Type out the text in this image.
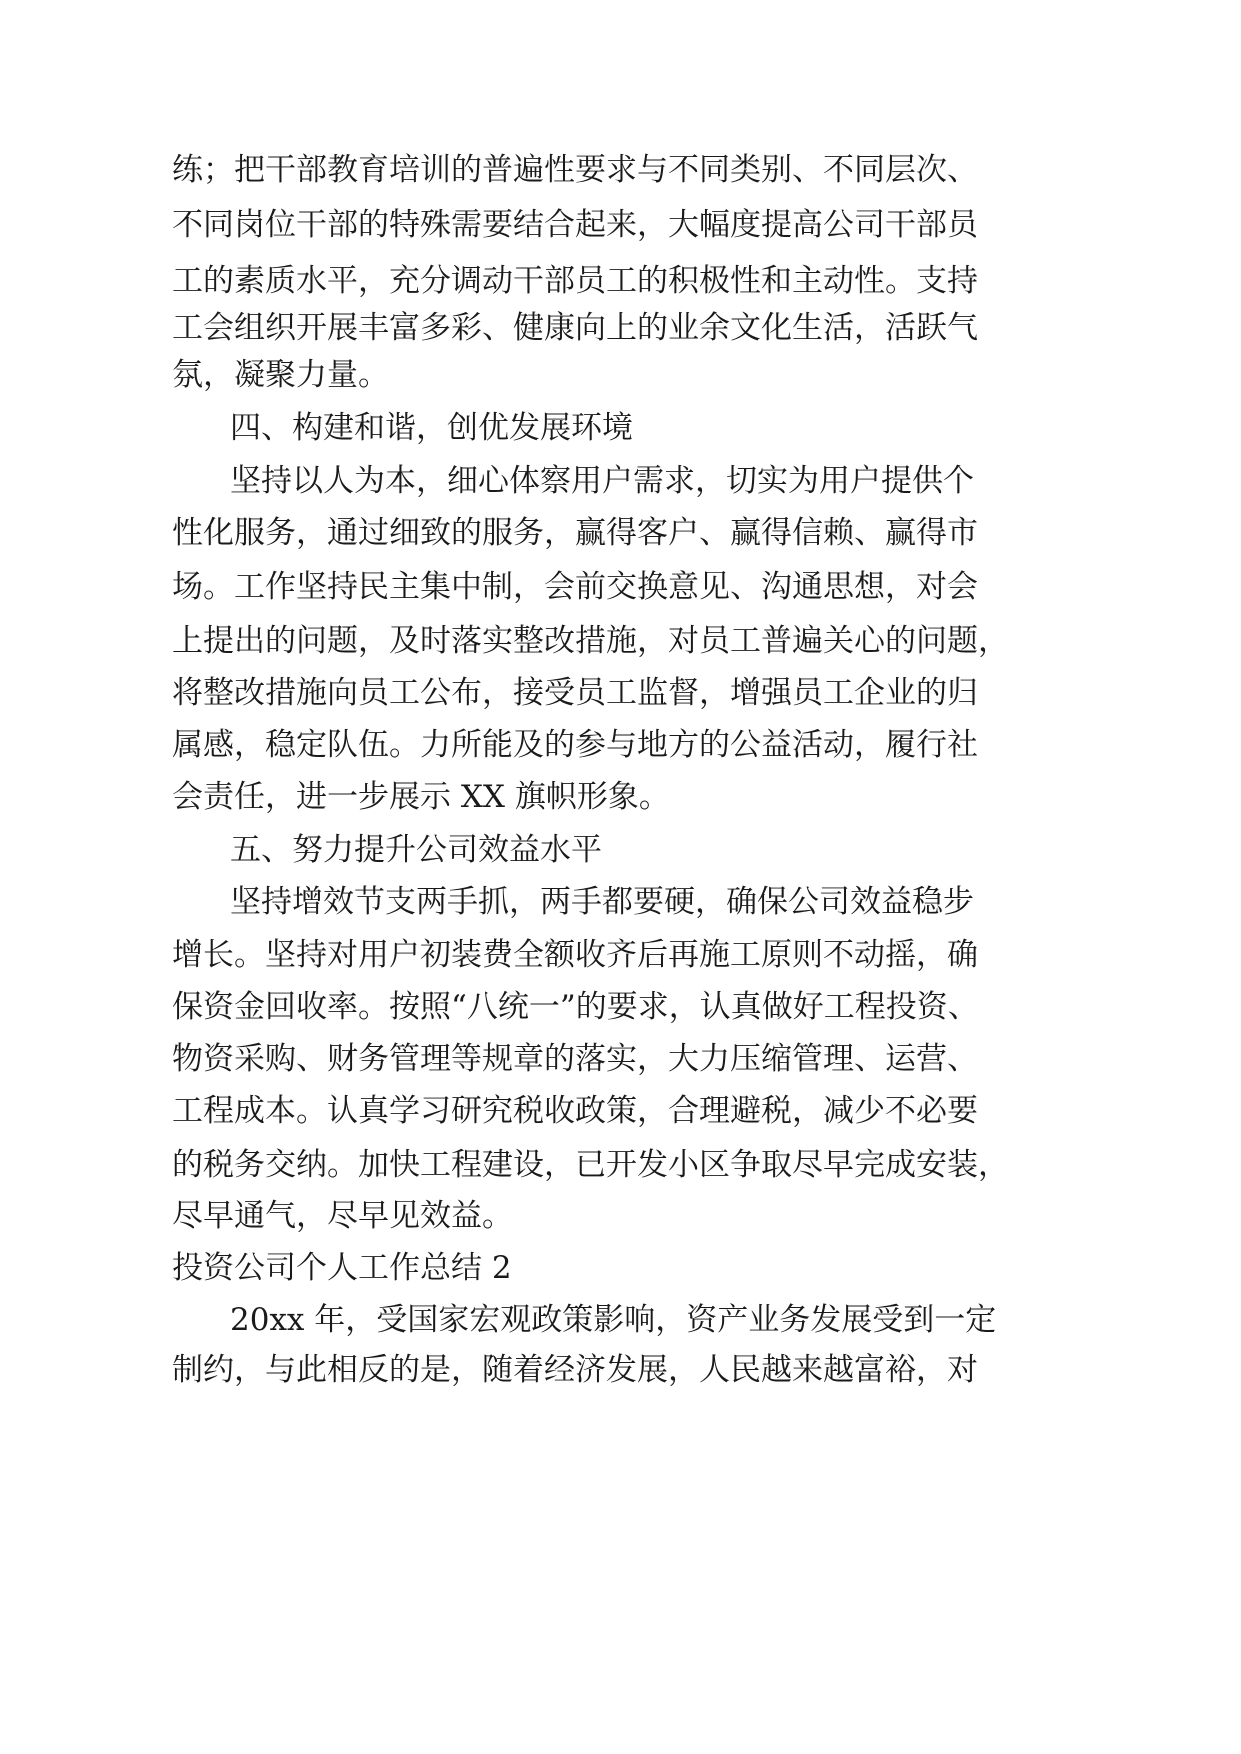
练；把干部教育培训的普遍性要求与不同类别、不同层次、

不同岗位干部的特殊需要结合起来，大幅度提高公司干部员

工的素质水平，充分调动干部员工的积极性和主动性。支持

工会组织开展丰富多彩、健康向上的业余文化生活，活跃气

氛，凝聚力量。

四、构建和谐，创优发展环境

坚持以人为本，细心体察用户需求，切实为用户提供个

性化服务，通过细致的服务，赢得客户、赢得信赖、赢得市

场。工作坚持民主集中制，会前交换意见、沟通思想，对会

上提出的问题，及时落实整改措施，对员工普遍关心的问题，

将整改措施向员工公布，接受员工监督，增强员工企业的归

属感，稳定队伍。力所能及的参与地方的公益活动，履行社

会责任，进一步展示 XX 旗帜形象。

五、努力提升公司效益水平

坚持增效节支两手抓，两手都要硬，确保公司效益稳步

增长。坚持对用户初装费全额收齐后再施工原则不动摇，确

保资金回收率。按照“八统一”的要求，认真做好工程投资、

物资采购、财务管理等规章的落实，大力压缩管理、运营、

工程成本。认真学习研究税收政策，合理避税，减少不必要

的税务交纳。加快工程建设，已开发小区争取尽早完成安装，

尽早通气，尽早见效益。

投资公司个人工作总结 2

20xx 年，受国家宏观政策影响，资产业务发展受到一定

制约，与此相反的是，随着经济发展，人民越来越富裕，对
